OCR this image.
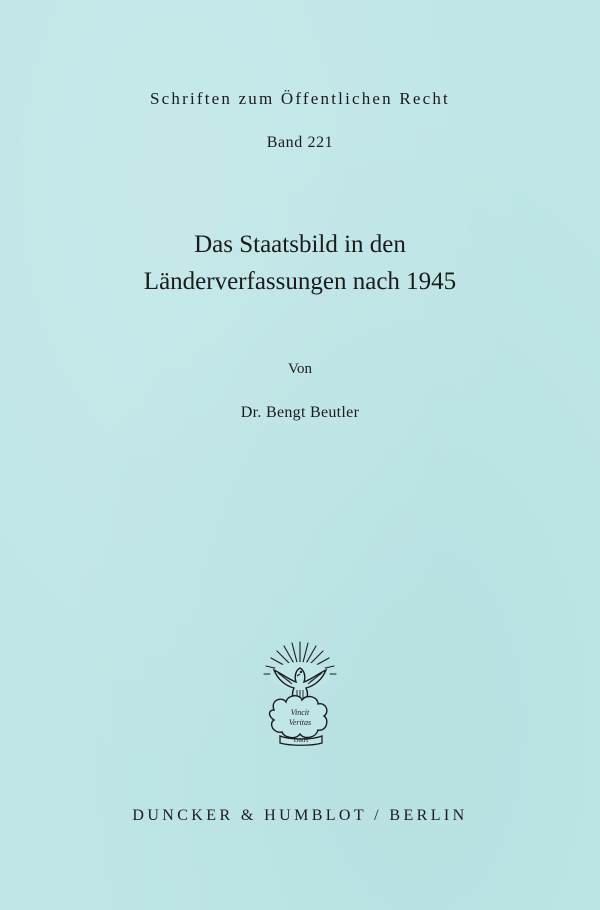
Schriften zum Öffentlichen Recht
Band 221
Das Staatsbild in den
Länderverfassungen nach 1945
Von
Dr. Bengt Beutler
Vincit
Veritas
D&H
DUNCKER & HUMBLOT / BERLIN
